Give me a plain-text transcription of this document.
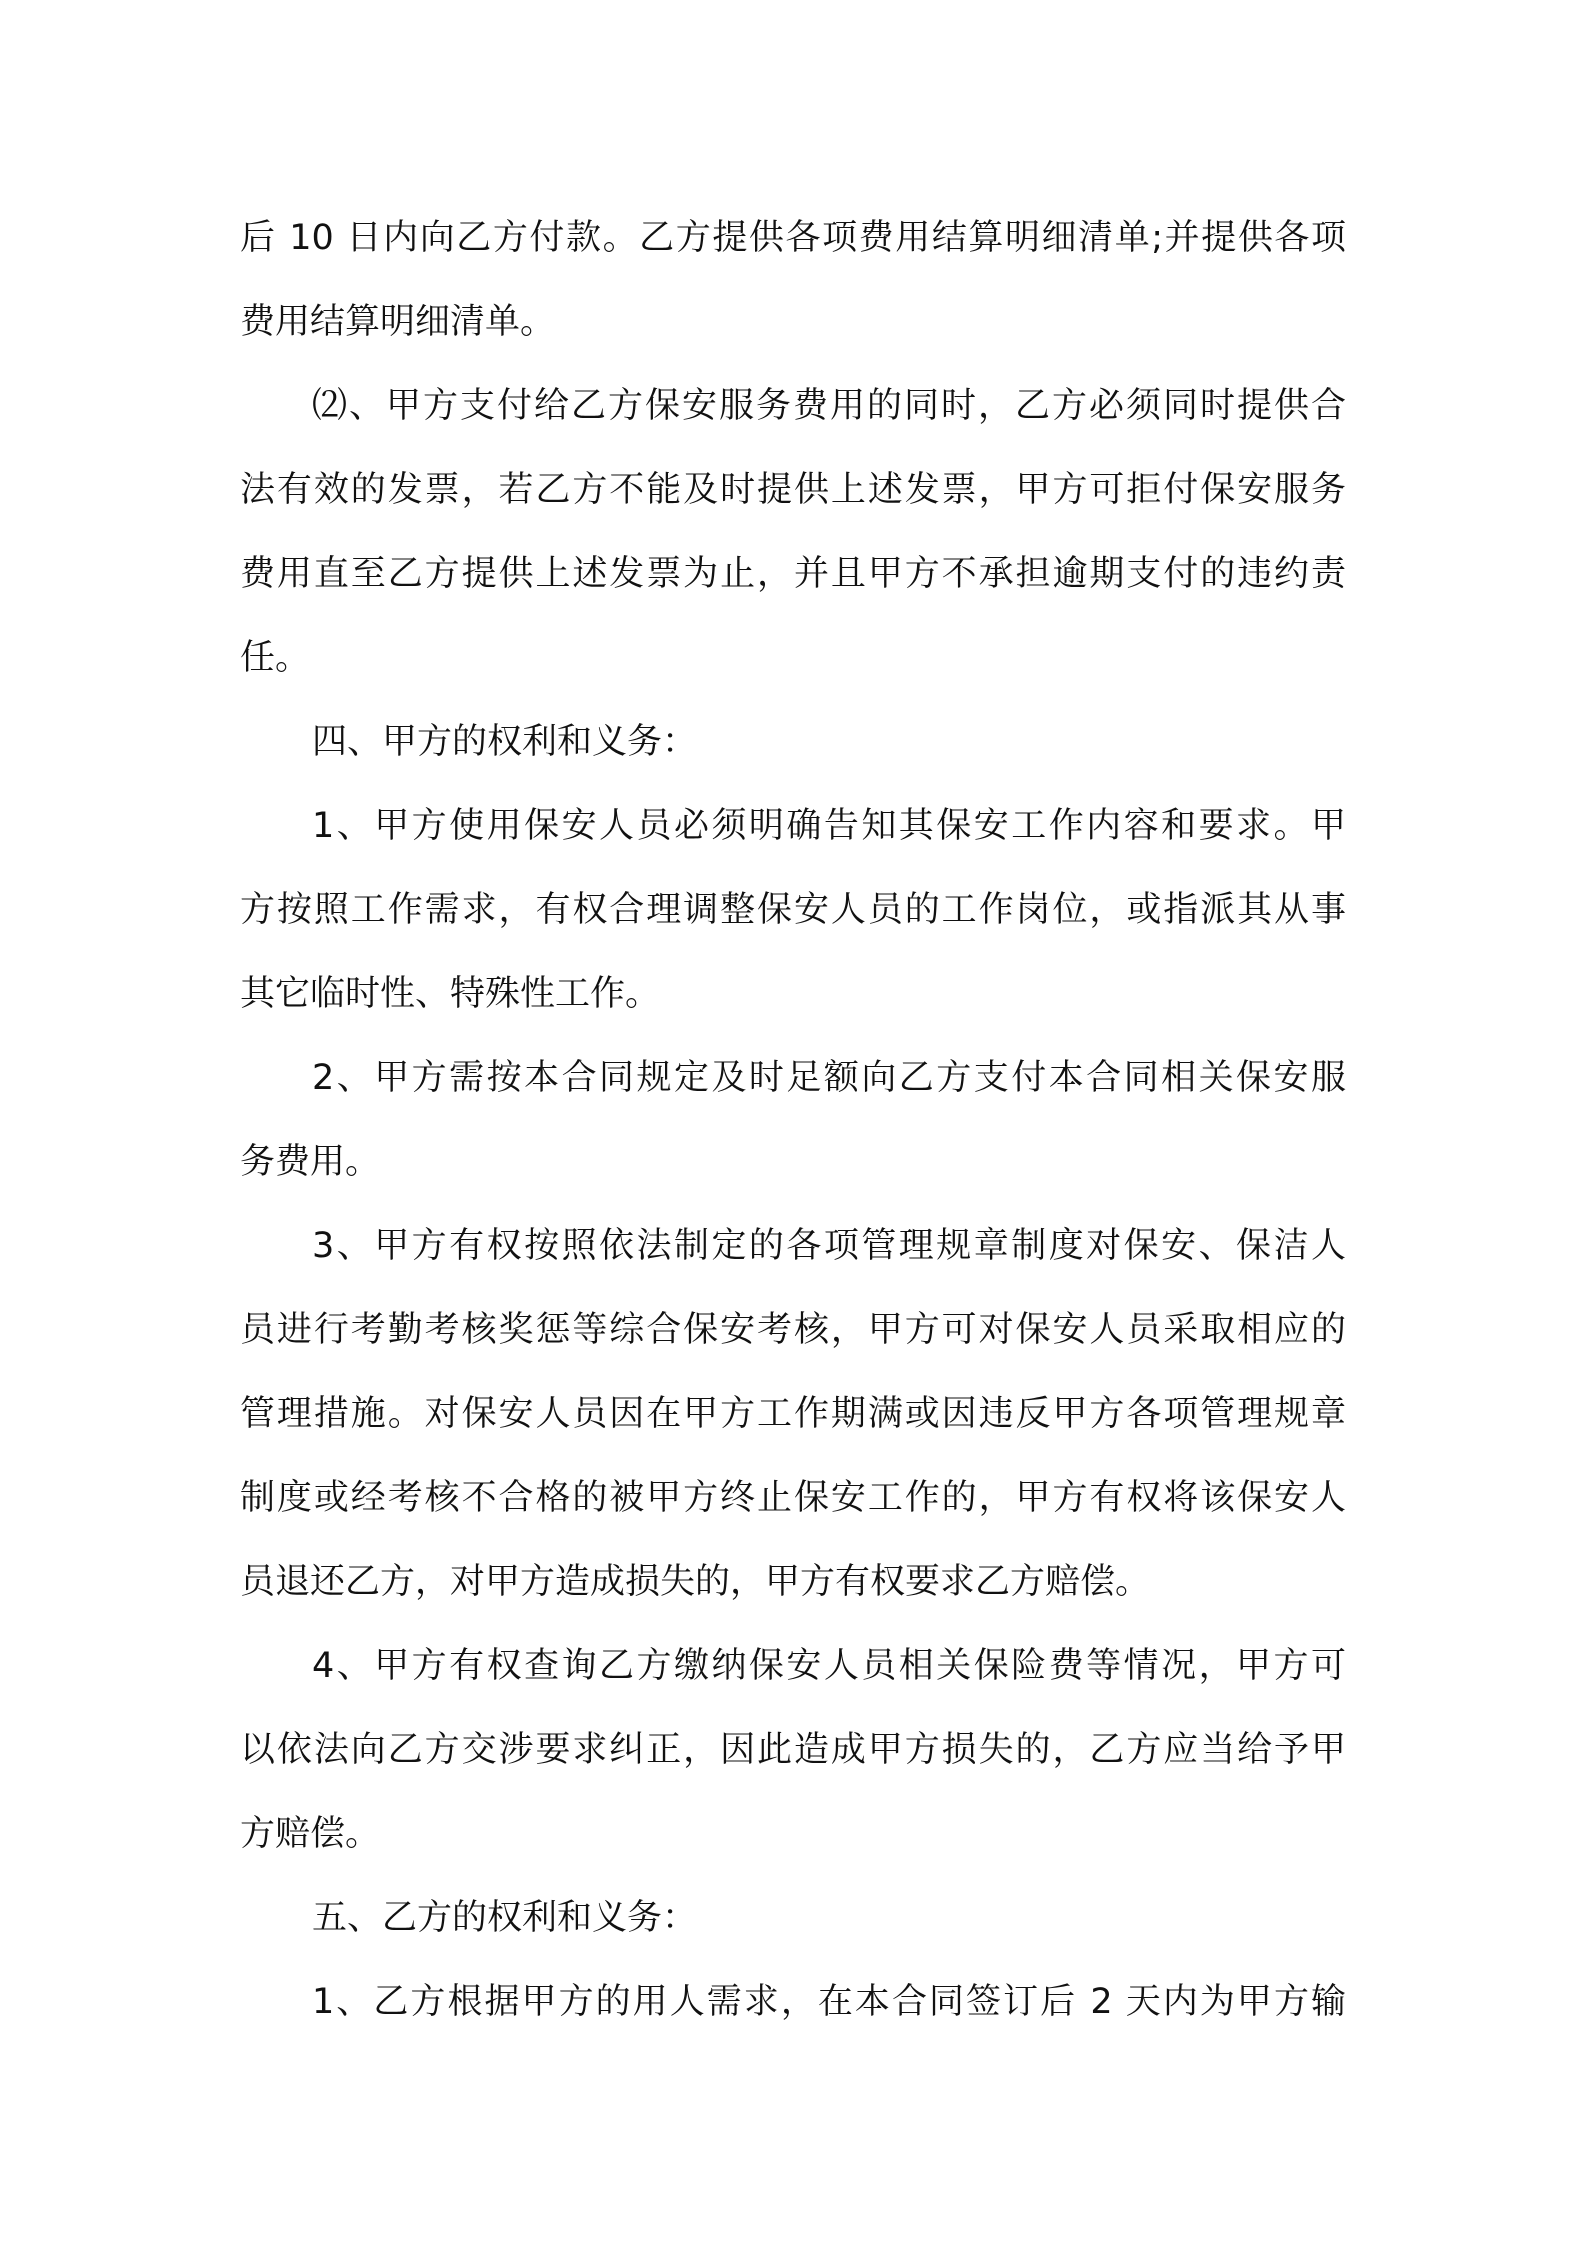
后 10 日内向乙方付款。乙方提供各项费用结算明细清单;并提供各项
费用结算明细清单。
⑵、甲方支付给乙方保安服务费用的同时，乙方必须同时提供合
法有效的发票，若乙方不能及时提供上述发票，甲方可拒付保安服务
费用直至乙方提供上述发票为止，并且甲方不承担逾期支付的违约责
任。
四、甲方的权利和义务：
1、甲方使用保安人员必须明确告知其保安工作内容和要求。甲
方按照工作需求，有权合理调整保安人员的工作岗位，或指派其从事
其它临时性、特殊性工作。
2、甲方需按本合同规定及时足额向乙方支付本合同相关保安服
务费用。
3、甲方有权按照依法制定的各项管理规章制度对保安、保洁人
员进行考勤考核奖惩等综合保安考核，甲方可对保安人员采取相应的
管理措施。对保安人员因在甲方工作期满或因违反甲方各项管理规章
制度或经考核不合格的被甲方终止保安工作的，甲方有权将该保安人
员退还乙方，对甲方造成损失的，甲方有权要求乙方赔偿。
4、甲方有权查询乙方缴纳保安人员相关保险费等情况，甲方可
以依法向乙方交涉要求纠正，因此造成甲方损失的，乙方应当给予甲
方赔偿。
五、乙方的权利和义务：
1、乙方根据甲方的用人需求，在本合同签订后 2 天内为甲方输
